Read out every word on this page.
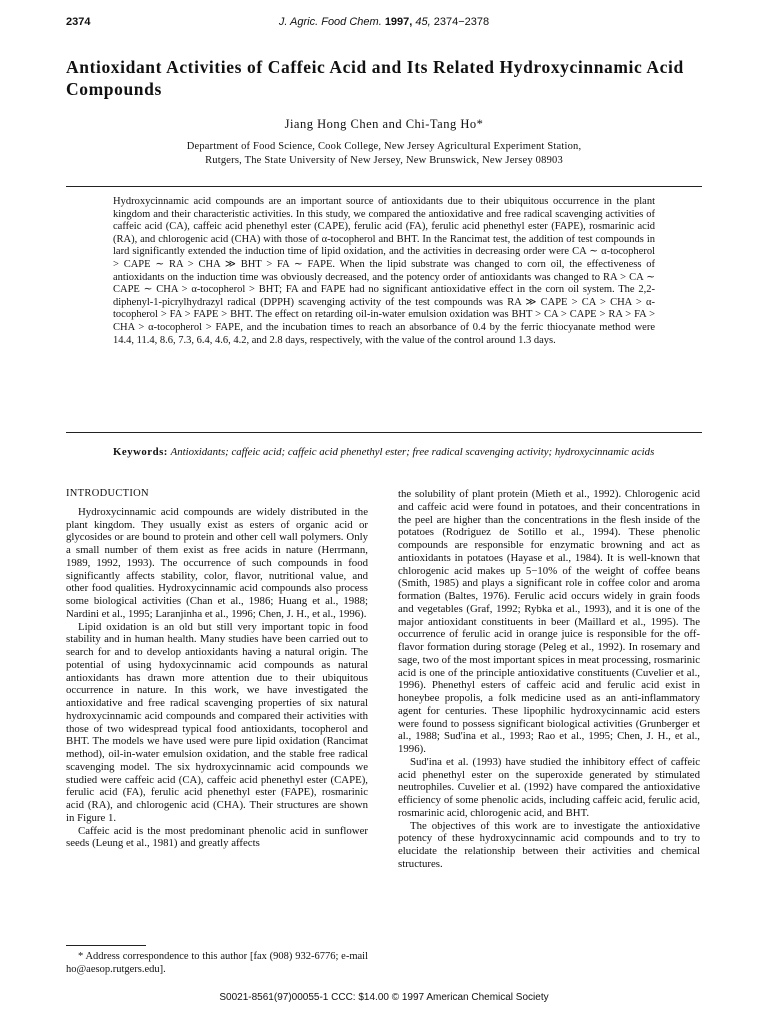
2374	J. Agric. Food Chem. 1997, 45, 2374−2378
Antioxidant Activities of Caffeic Acid and Its Related Hydroxycinnamic Acid Compounds
Jiang Hong Chen and Chi-Tang Ho*
Department of Food Science, Cook College, New Jersey Agricultural Experiment Station,
Rutgers, The State University of New Jersey, New Brunswick, New Jersey 08903

Hydroxycinnamic acid compounds are an important source of antioxidants due to their ubiquitous occurrence in the plant kingdom and their characteristic activities. In this study, we compared the antioxidative and free radical scavenging activities of caffeic acid (CA), caffeic acid phenethyl ester (CAPE), ferulic acid (FA), ferulic acid phenethyl ester (FAPE), rosmarinic acid (RA), and chlorogenic acid (CHA) with those of α-tocopherol and BHT. In the Rancimat test, the addition of test compounds in lard significantly extended the induction time of lipid oxidation, and the activities in decreasing order were CA ∼ α-tocopherol > CAPE ∼ RA > CHA ≫ BHT > FA ∼ FAPE. When the lipid substrate was changed to corn oil, the effectiveness of antioxidants on the induction time was obviously decreased, and the potency order of antioxidants was changed to RA > CA ∼ CAPE ∼ CHA > α-tocopherol > BHT; FA and FAPE had no significant antioxidative effect in the corn oil system. The 2,2-diphenyl-1-picrylhydrazyl radical (DPPH) scavenging activity of the test compounds was RA ≫ CAPE > CA > CHA > α-tocopherol > FA > FAPE > BHT. The effect on retarding oil-in-water emulsion oxidation was BHT > CA > CAPE > RA > FA > CHA > α-tocopherol > FAPE, and the incubation times to reach an absorbance of 0.4 by the ferric thiocyanate method were 14.4, 11.4, 8.6, 7.3, 6.4, 4.6, 4.2, and 2.8 days, respectively, with the value of the control around 1.3 days.

Keywords: Antioxidants; caffeic acid; caffeic acid phenethyl ester; free radical scavenging activity; hydroxycinnamic acids

INTRODUCTION

Hydroxycinnamic acid compounds are widely distributed in the plant kingdom. They usually exist as esters of organic acid or glycosides or are bound to protein and other cell wall polymers. Only a small number of them exist as free acids in nature (Herrmann, 1989, 1992, 1993). The occurrence of such compounds in food significantly affects stability, color, flavor, nutritional value, and other food qualities. Hydroxycinnamic acid compounds also process some biological activities (Chan et al., 1986; Huang et al., 1988; Nardini et al., 1995; Laranjinha et al., 1996; Chen, J. H., et al., 1996).

Lipid oxidation is an old but still very important topic in food stability and in human health. Many studies have been carried out to search for and to develop antioxidants having a natural origin. The potential of using hydoxycinnamic acid compounds as natural antioxidants has drawn more attention due to their ubiquitous occurrence in nature. In this work, we have investigated the antioxidative and free radical scavenging properties of six natural hydroxycinnamic acid compounds and compared their activities with those of two widespread typical food antioxidants, tocopherol and BHT. The models we have used were pure lipid oxidation (Rancimat method), oil-in-water emulsion oxidation, and the stable free radical scavenging model. The six hydroxycinnamic acid compounds we studied were caffeic acid (CA), caffeic acid phenethyl ester (CAPE), ferulic acid (FA), ferulic acid phenethyl ester (FAPE), rosmarinic acid (RA), and chlorogenic acid (CHA). Their structures are shown in Figure 1.

Caffeic acid is the most predominant phenolic acid in sunflower seeds (Leung et al., 1981) and greatly affects

the solubility of plant protein (Mieth et al., 1992). Chlorogenic acid and caffeic acid were found in potatoes, and their concentrations in the peel are higher than the concentrations in the flesh inside of the potatoes (Rodriguez de Sotillo et al., 1994). These phenolic compounds are responsible for enzymatic browning and act as antioxidants in potatoes (Hayase et al., 1984). It is well-known that chlorogenic acid makes up 5−10% of the weight of coffee beans (Smith, 1985) and plays a significant role in coffee color and aroma formation (Baltes, 1976). Ferulic acid occurs widely in grain foods and vegetables (Graf, 1992; Rybka et al., 1993), and it is one of the major antioxidant constituents in beer (Maillard et al., 1995). The occurrence of ferulic acid in orange juice is responsible for the off-flavor formation during storage (Peleg et al., 1992). In rosemary and sage, two of the most important spices in meat processing, rosmarinic acid is one of the principle antioxidative constituents (Cuvelier et al., 1996). Phenethyl esters of caffeic acid and ferulic acid exist in honeybee propolis, a folk medicine used as an anti-inflammatory agent for centuries. These lipophilic hydroxycinnamic acid esters were found to possess significant biological activities (Grunberger et al., 1988; Sud'ina et al., 1993; Rao et al., 1995; Chen, J. H., et al., 1996).

Sud'ina et al. (1993) have studied the inhibitory effect of caffeic acid phenethyl ester on the superoxide generated by stimulated neutrophiles. Cuvelier et al. (1992) have compared the antioxidative efficiency of some phenolic acids, including caffeic acid, ferulic acid, rosmarinic acid, chlorogenic acid, and BHT.

The objectives of this work are to investigate the antioxidative potency of these hydroxycinnamic acid compounds and to try to elucidate the relationship between their activities and chemical structures.

* Address correspondence to this author [fax (908) 932-6776; e-mail ho@aesop.rutgers.edu].

S0021-8561(97)00055-1 CCC: $14.00 © 1997 American Chemical Society
